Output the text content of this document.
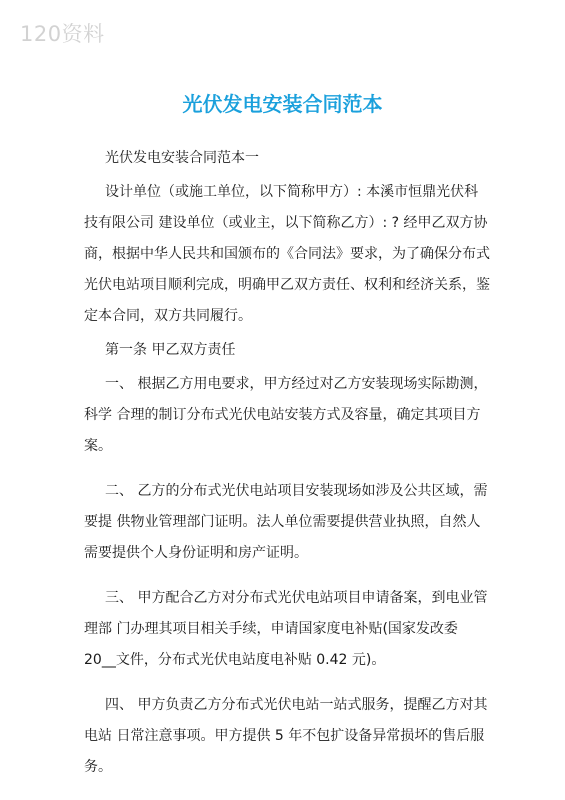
120资料
光伏发电安装合同范本

光伏发电安装合同范本一

设计单位（或施工单位，以下简称甲方）: 本溪市恒鼎光伏科技有限公司 建设单位（或业主，以下简称乙方）: ? 经甲乙双方协商，根据中华人民共和国颁布的《合同法》要求，为了确保分布式光伏电站项目顺利完成，明确甲乙双方责任、权利和经济关系，鉴定本合同，双方共同履行。

第一条 甲乙双方责任

一、 根据乙方用电要求，甲方经过对乙方安装现场实际勘测，科学 合理的制订分布式光伏电站安装方式及容量，确定其项目方案。

二、 乙方的分布式光伏电站项目安装现场如涉及公共区域，需要提 供物业管理部门证明。法人单位需要提供营业执照，自然人需要提供个人身份证明和房产证明。

三、 甲方配合乙方对分布式光伏电站项目申请备案，到电业管理部 门办理其项目相关手续，申请国家度电补贴(国家发改委 20__文件，分布式光伏电站度电补贴 0.42 元)。

四、 甲方负责乙方分布式光伏电站一站式服务，提醒乙方对其电站 日常注意事项。甲方提供 5 年不包扩设备异常损坏的售后服务。
